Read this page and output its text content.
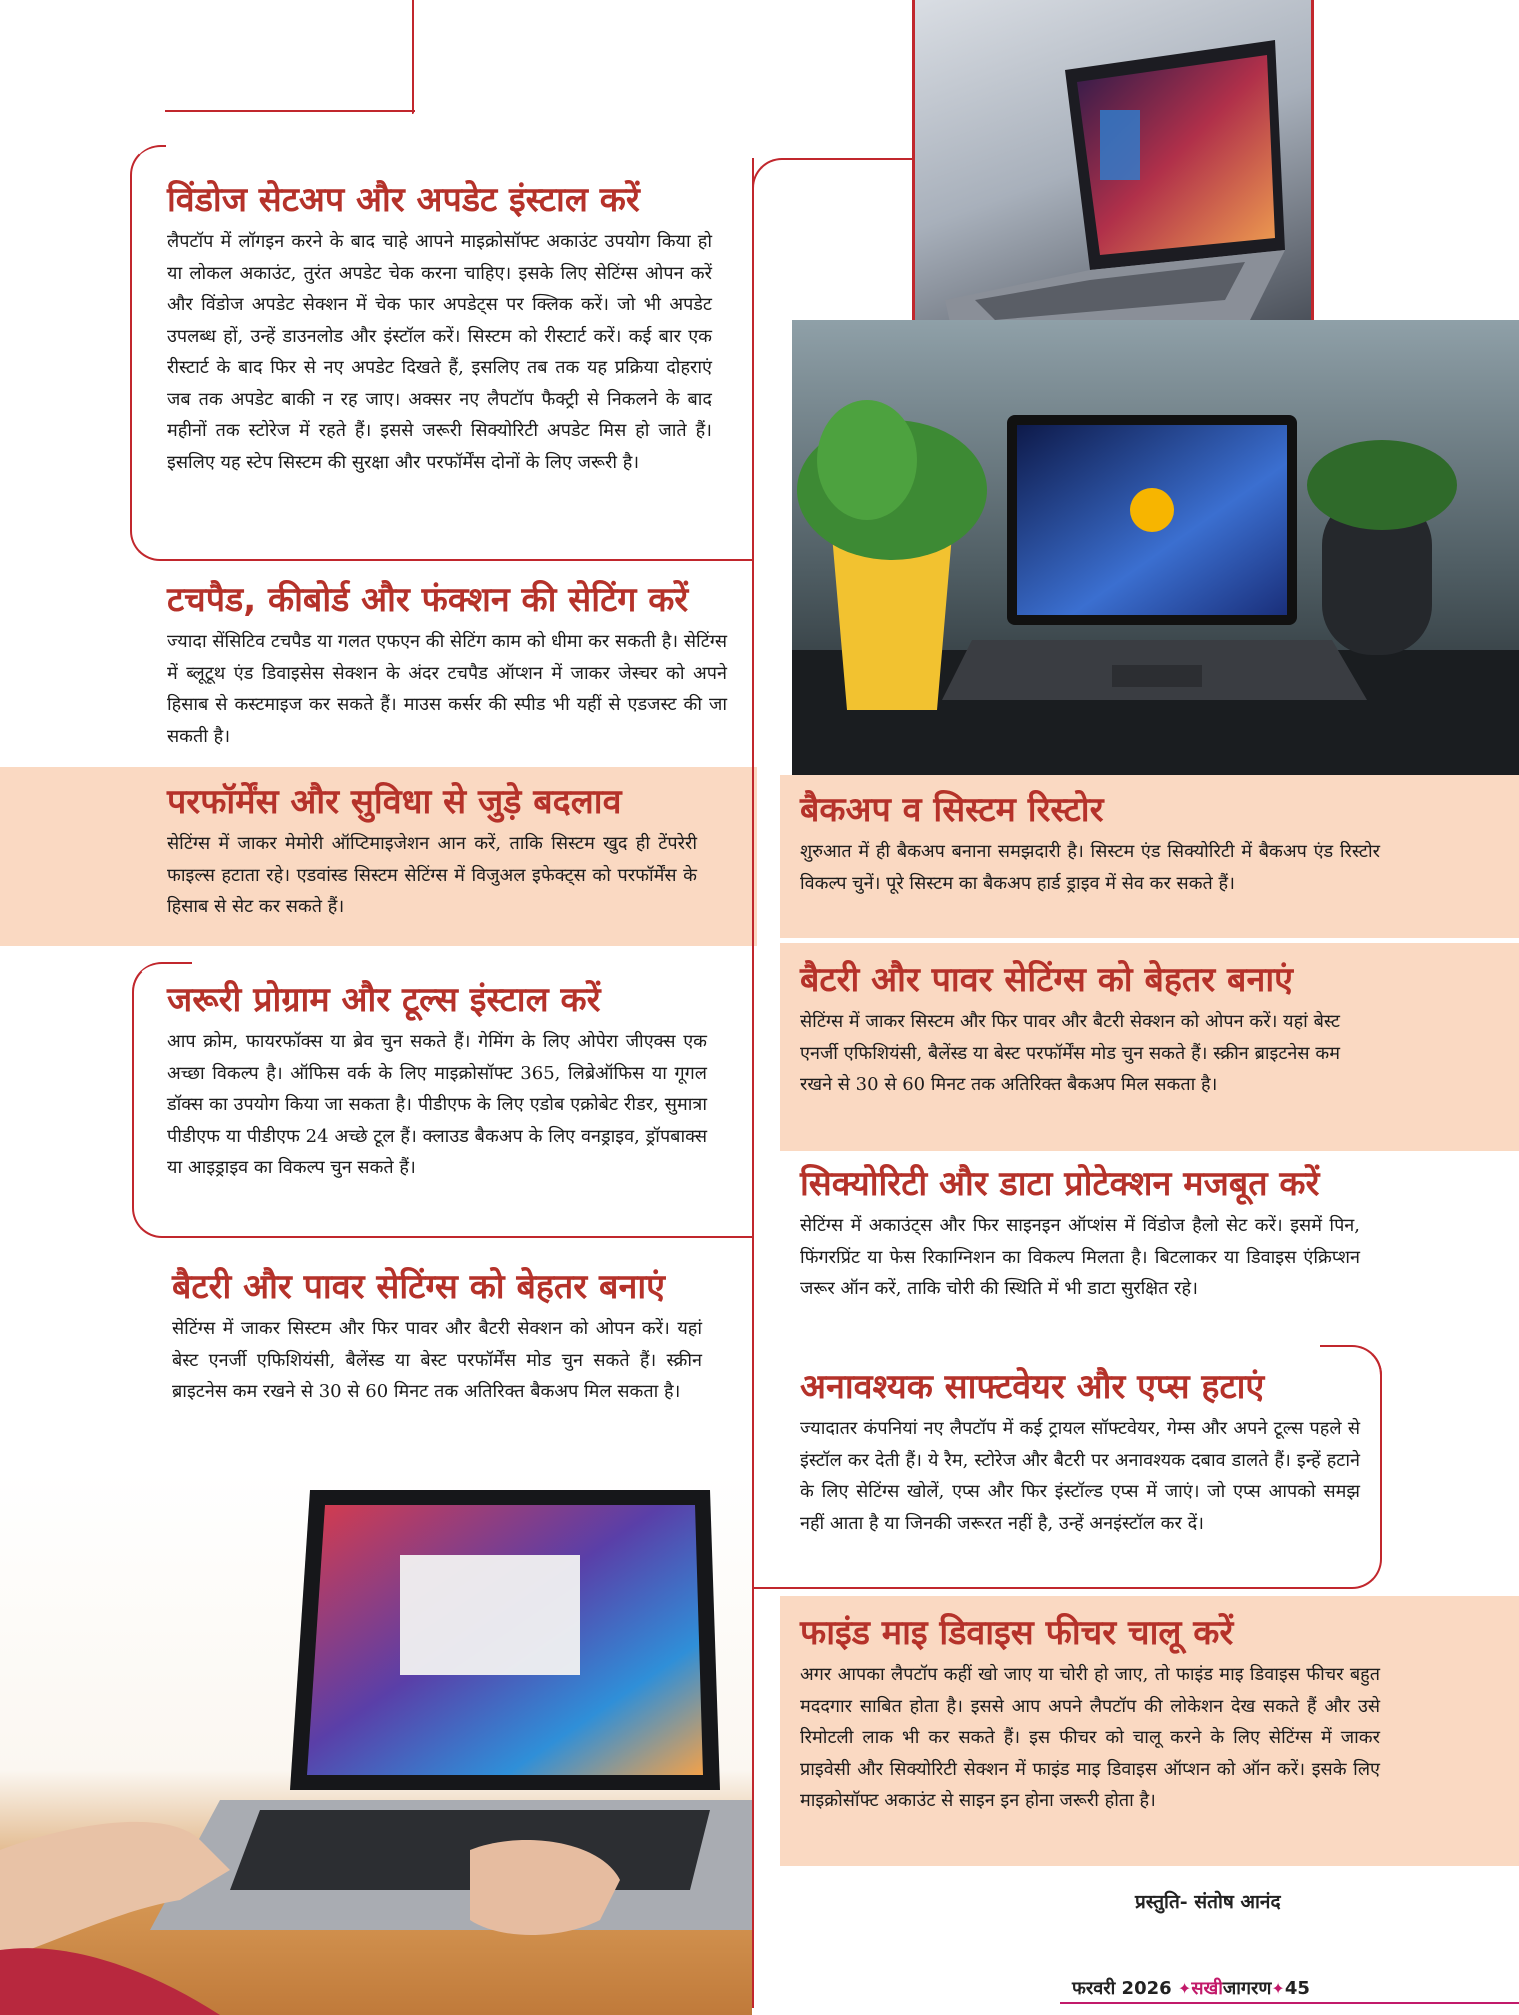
विंडोज सेटअप और अपडेट इंस्टाल करें

लैपटॉप में लॉगइन करने के बाद चाहे आपने माइक्रोसॉफ्ट अकाउंट उपयोग किया हो या लोकल अकाउंट, तुरंत अपडेट चेक करना चाहिए। इसके लिए सेटिंग्स ओपन करें और विंडोज अपडेट सेक्शन में चेक फार अपडेट्स पर क्लिक करें। जो भी अपडेट उपलब्ध हों, उन्हें डाउनलोड और इंस्टॉल करें। सिस्टम को रीस्टार्ट करें। कई बार एक रीस्टार्ट के बाद फिर से नए अपडेट दिखते हैं, इसलिए तब तक यह प्रक्रिया दोहराएं जब तक अपडेट बाकी न रह जाए। अक्सर नए लैपटॉप फैक्ट्री से निकलने के बाद महीनों तक स्टोरेज में रहते हैं। इससे जरूरी सिक्योरिटी अपडेट मिस हो जाते हैं। इसलिए यह स्टेप सिस्टम की सुरक्षा और परफॉर्मेंस दोनों के लिए जरूरी है।

टचपैड, कीबोर्ड और फंक्शन की सेटिंग करें

ज्यादा सेंसिटिव टचपैड या गलत एफएन की सेटिंग काम को धीमा कर सकती है। सेटिंग्स में ब्लूटूथ एंड डिवाइसेस सेक्शन के अंदर टचपैड ऑप्शन में जाकर जेस्चर को अपने हिसाब से कस्टमाइज कर सकते हैं। माउस कर्सर की स्पीड भी यहीं से एडजस्ट की जा सकती है।

परफॉर्मेंस और सुविधा से जुड़े बदलाव

सेटिंग्स में जाकर मेमोरी ऑप्टिमाइजेशन आन करें, ताकि सिस्टम खुद ही टेंपरेरी फाइल्स हटाता रहे। एडवांस्ड सिस्टम सेटिंग्स में विजुअल इफेक्ट्स को परफॉर्मेंस के हिसाब से सेट कर सकते हैं।

जरूरी प्रोग्राम और टूल्स इंस्टाल करें

आप क्रोम, फायरफॉक्स या ब्रेव चुन सकते हैं। गेमिंग के लिए ओपेरा जीएक्स एक अच्छा विकल्प है। ऑफिस वर्क के लिए माइक्रोसॉफ्ट 365, लिब्रेऑफिस या गूगल डॉक्स का उपयोग किया जा सकता है। पीडीएफ के लिए एडोब एक्रोबेट रीडर, सुमात्रा पीडीएफ या पीडीएफ 24 अच्छे टूल हैं। क्लाउड बैकअप के लिए वनड्राइव, ड्रॉपबाक्स या आइड्राइव का विकल्प चुन सकते हैं।

बैटरी और पावर सेटिंग्स को बेहतर बनाएं

सेटिंग्स में जाकर सिस्टम और फिर पावर और बैटरी सेक्शन को ओपन करें। यहां बेस्ट एनर्जी एफिशियंसी, बैलेंस्ड या बेस्ट परफॉर्मेंस मोड चुन सकते हैं। स्क्रीन ब्राइटनेस कम रखने से 30 से 60 मिनट तक अतिरिक्त बैकअप मिल सकता है।

बैकअप व सिस्टम रिस्टोर

शुरुआत में ही बैकअप बनाना समझदारी है। सिस्टम एंड सिक्योरिटी में बैकअप एंड रिस्टोर विकल्प चुनें। पूरे सिस्टम का बैकअप हार्ड ड्राइव में सेव कर सकते हैं।

बैटरी और पावर सेटिंग्स को बेहतर बनाएं

सेटिंग्स में जाकर सिस्टम और फिर पावर और बैटरी सेक्शन को ओपन करें। यहां बेस्ट एनर्जी एफिशियंसी, बैलेंस्ड या बेस्ट परफॉर्मेंस मोड चुन सकते हैं। स्क्रीन ब्राइटनेस कम रखने से 30 से 60 मिनट तक अतिरिक्त बैकअप मिल सकता है।

सिक्योरिटी और डाटा प्रोटेक्शन मजबूत करें

सेटिंग्स में अकाउंट्स और फिर साइनइन ऑप्शंस में विंडोज हैलो सेट करें। इसमें पिन, फिंगरप्रिंट या फेस रिकाग्निशन का विकल्प मिलता है। बिटलाकर या डिवाइस एंक्रिप्शन जरूर ऑन करें, ताकि चोरी की स्थिति में भी डाटा सुरक्षित रहे।

अनावश्यक साफ्टवेयर और एप्स हटाएं

ज्यादातर कंपनियां नए लैपटॉप में कई ट्रायल सॉफ्टवेयर, गेम्स और अपने टूल्स पहले से इंस्टॉल कर देती हैं। ये रैम, स्टोरेज और बैटरी पर अनावश्यक दबाव डालते हैं। इन्हें हटाने के लिए सेटिंग्स खोलें, एप्स और फिर इंस्टॉल्ड एप्स में जाएं। जो एप्स आपको समझ नहीं आता है या जिनकी जरूरत नहीं है, उन्हें अनइंस्टॉल कर दें।

फाइंड माइ डिवाइस फीचर चालू करें

अगर आपका लैपटॉप कहीं खो जाए या चोरी हो जाए, तो फाइंड माइ डिवाइस फीचर बहुत मददगार साबित होता है। इससे आप अपने लैपटॉप की लोकेशन देख सकते हैं और उसे रिमोटली लाक भी कर सकते हैं। इस फीचर को चालू करने के लिए सेटिंग्स में जाकर प्राइवेसी और सिक्योरिटी सेक्शन में फाइंड माइ डिवाइस ऑप्शन को ऑन करें। इसके लिए माइक्रोसॉफ्ट अकाउंट से साइन इन होना जरूरी होता है।

प्रस्तुति- संतोष आनंद
फरवरी 2026 ✦सखीजागरण✦45
